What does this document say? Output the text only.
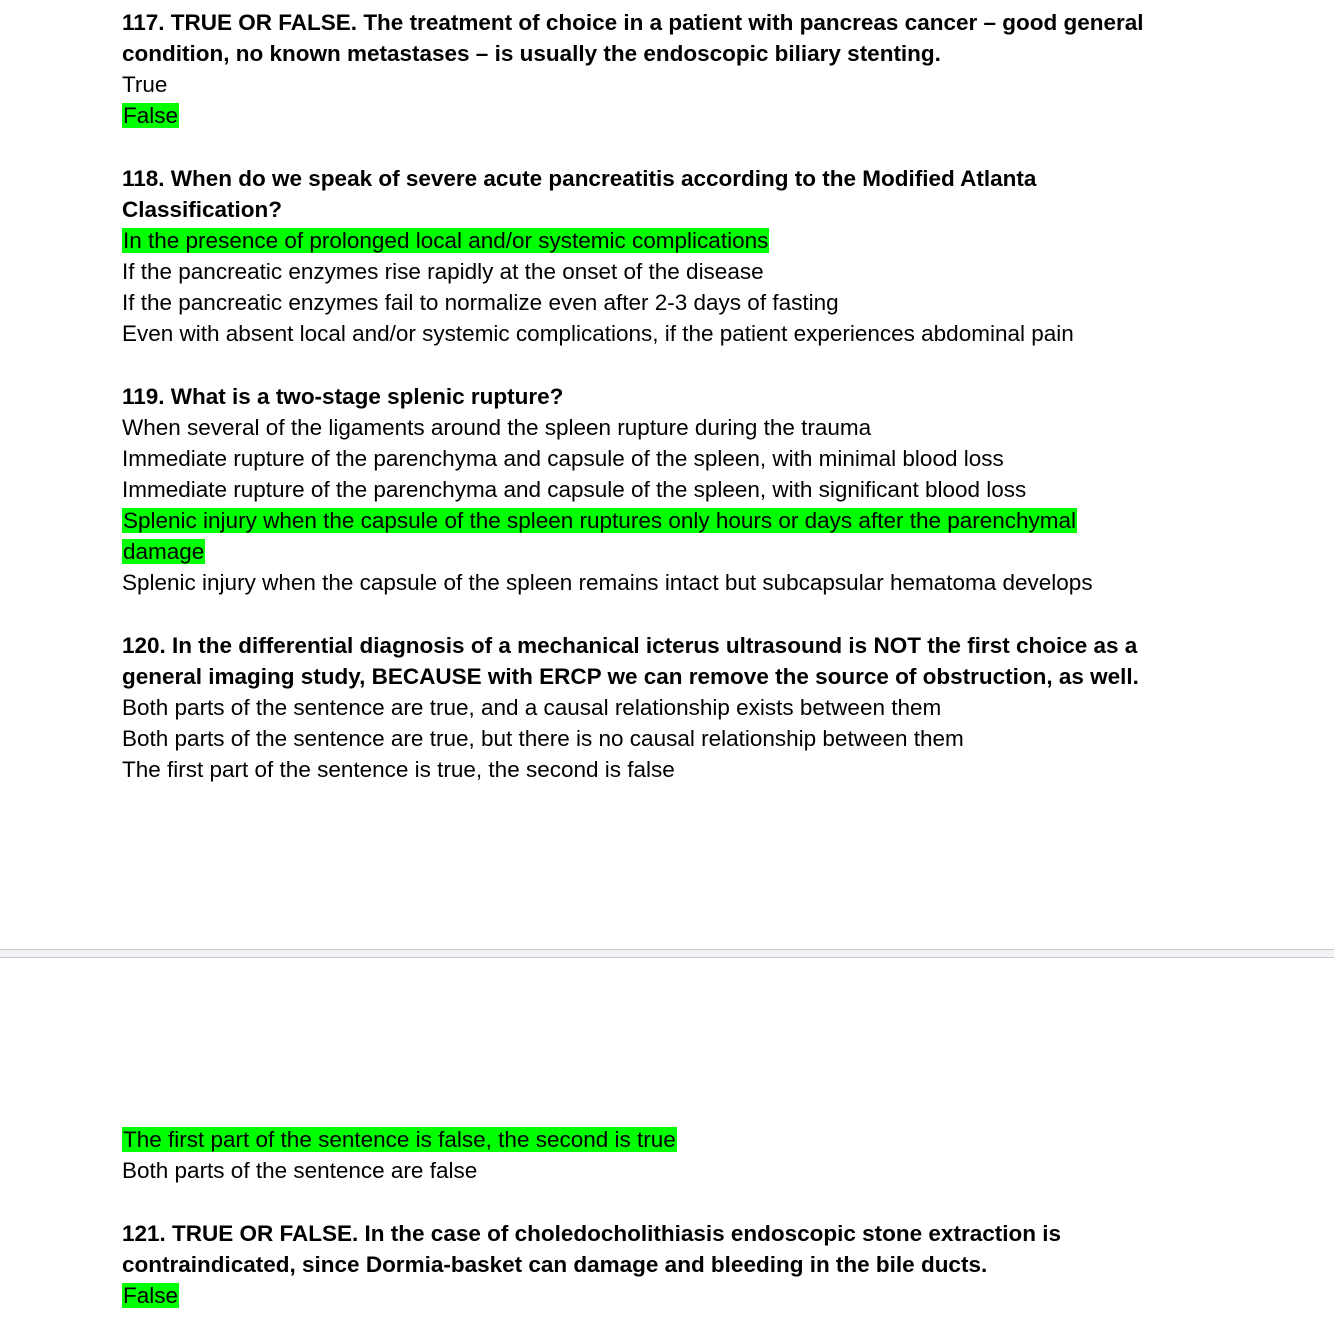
117. TRUE OR FALSE. The treatment of choice in a patient with pancreas cancer – good general
condition, no known metastases – is usually the endoscopic biliary stenting.
True
False
118. When do we speak of severe acute pancreatitis according to the Modified Atlanta
Classification?
In the presence of prolonged local and/or systemic complications
If the pancreatic enzymes rise rapidly at the onset of the disease
If the pancreatic enzymes fail to normalize even after 2-3 days of fasting
Even with absent local and/or systemic complications, if the patient experiences abdominal pain
119. What is a two-stage splenic rupture?
When several of the ligaments around the spleen rupture during the trauma
Immediate rupture of the parenchyma and capsule of the spleen, with minimal blood loss
Immediate rupture of the parenchyma and capsule of the spleen, with significant blood loss
Splenic injury when the capsule of the spleen ruptures only hours or days after the parenchymal
damage
Splenic injury when the capsule of the spleen remains intact but subcapsular hematoma develops
120. In the differential diagnosis of a mechanical icterus ultrasound is NOT the first choice as a
general imaging study, BECAUSE with ERCP we can remove the source of obstruction, as well.
Both parts of the sentence are true, and a causal relationship exists between them
Both parts of the sentence are true, but there is no causal relationship between them
The first part of the sentence is true, the second is false
The first part of the sentence is false, the second is true
Both parts of the sentence are false
121. TRUE OR FALSE. In the case of choledocholithiasis endoscopic stone extraction is
contraindicated, since Dormia-basket can damage and bleeding in the bile ducts.
False
